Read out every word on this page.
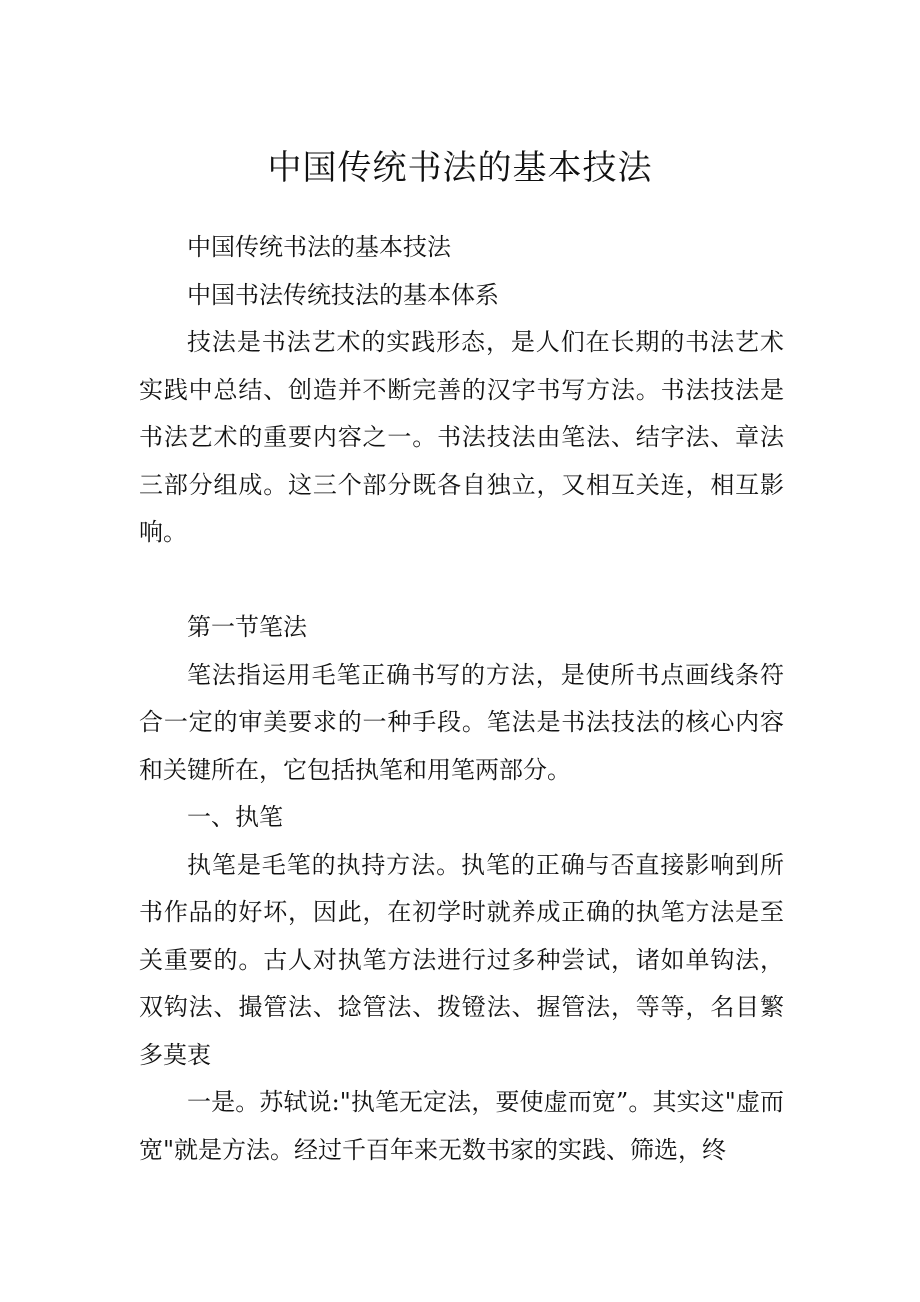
中国传统书法的基本技法

中国传统书法的基本技法

中国书法传统技法的基本体系

技法是书法艺术的实践形态，是人们在长期的书法艺术实践中总结、创造并不断完善的汉字书写方法。书法技法是书法艺术的重要内容之一。书法技法由笔法、结字法、章法三部分组成。这三个部分既各自独立，又相互关连，相互影响。

第一节笔法

笔法指运用毛笔正确书写的方法，是使所书点画线条符合一定的审美要求的一种手段。笔法是书法技法的核心内容和关键所在，它包括执笔和用笔两部分。

一、执笔

执笔是毛笔的执持方法。执笔的正确与否直接影响到所书作品的好坏，因此，在初学时就养成正确的执笔方法是至关重要的。古人对执笔方法进行过多种尝试，诸如单钩法，双钩法、撮管法、捻管法、拨镫法、握管法，等等，名目繁多莫衷

一是。苏轼说:"执笔无定法，要使虚而宽”。其实这"虚而宽"就是方法。经过千百年来无数书家的实践、筛选，终
